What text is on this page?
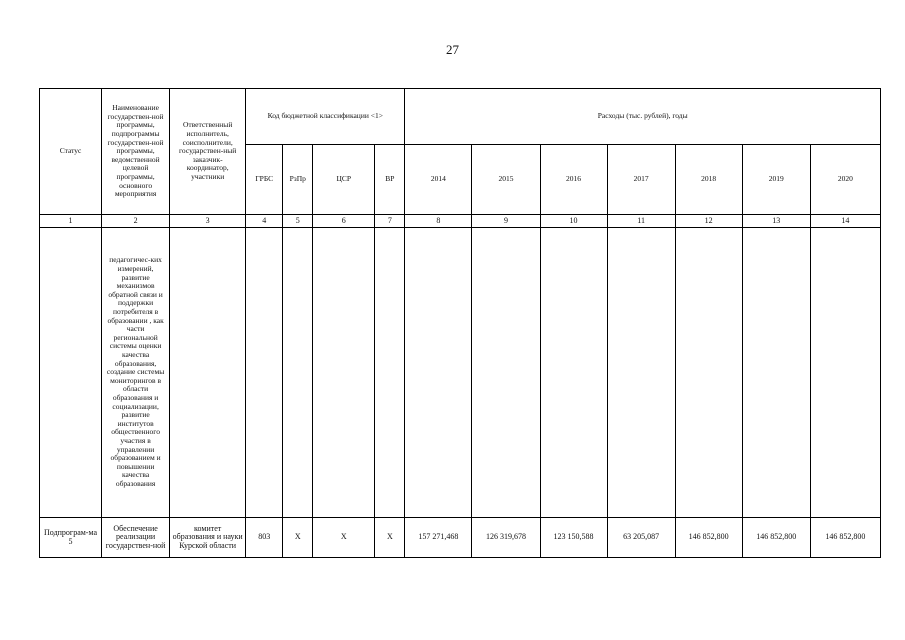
27
Статус	Наименование государствен-ной программы, подпрограммы государствен-ной программы, ведомственной целевой программы, основного мероприятия	Ответственный исполнитель, соисполнители, государствен-ный заказчик-координатор, участники	Код бюджетной классификации <1>				Расходы (тыс. рублей), годы						
			ГРБС	РзПр	ЦСР	ВР	2014	2015	2016	2017	2018	2019	2020
1	2	3	4	5	6	7	8	9	10	11	12	13	14
	педагогичес-ких измерений, развитие механизмов обратной связи и поддержки потребителя в образовании , как части региональной системы оценки качества образования, создание системы мониторингов в области образования и социализации, развитие институтов общественного участия в управлении образованием и повышении качества образования												
Подпрограм-ма 5	Обеспечение реализации государствен-ной	комитет образования и науки Курской области	803	Х	Х	Х	157 271,468	126 319,678	123 150,588	63 205,087	146 852,800	146 852,800	146 852,800
